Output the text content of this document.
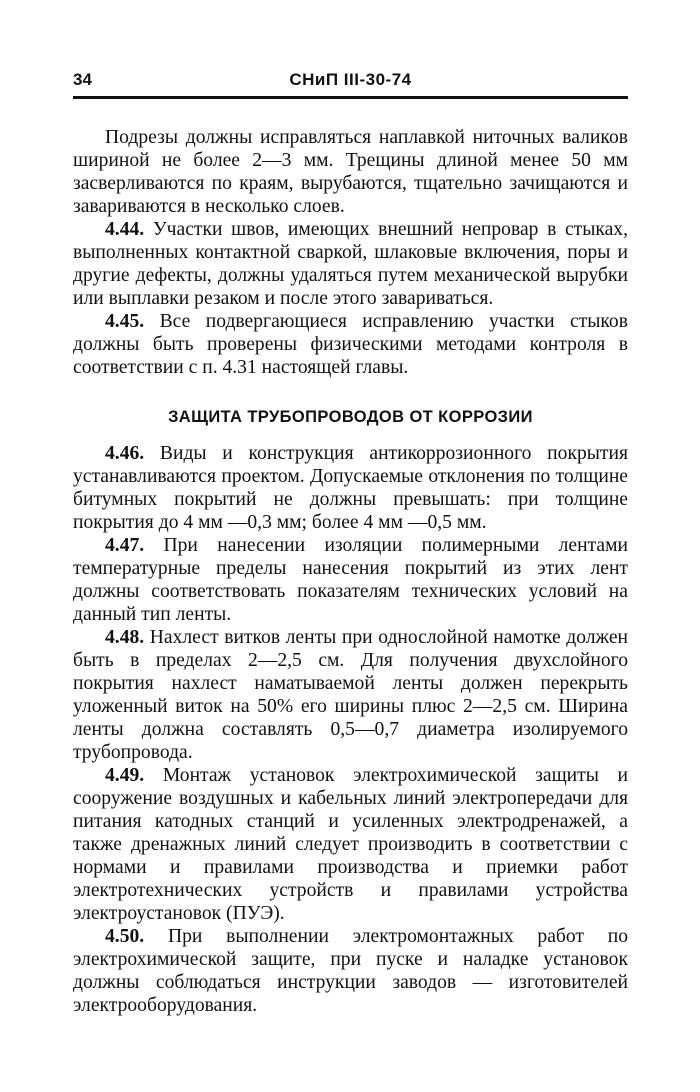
34	СНиП III-30-74

Подрезы должны исправляться наплавкой ниточных валиков шириной не более 2—3 мм. Трещины длиной менее 50 мм засверливаются по краям, вырубаются, тщательно зачищаются и завариваются в несколько слоев.

4.44. Участки швов, имеющих внешний непровар в стыках, выполненных контактной сваркой, шлаковые включения, поры и другие дефекты, должны удаляться путем механической вырубки или выплавки резаком и после этого завариваться.

4.45. Все подвергающиеся исправлению участки стыков должны быть проверены физическими методами контроля в соответствии с п. 4.31 настоящей главы.

ЗАЩИТА ТРУБОПРОВОДОВ ОТ КОРРОЗИИ

4.46. Виды и конструкция антикоррозионного покрытия устанавливаются проектом. Допускаемые отклонения по толщине битумных покрытий не должны превышать: при толщине покрытия до 4 мм —0,3 мм; более 4 мм —0,5 мм.

4.47. При нанесении изоляции полимерными лентами температурные пределы нанесения покрытий из этих лент должны соответствовать показателям технических условий на данный тип ленты.

4.48. Нахлест витков ленты при однослойной намотке должен быть в пределах 2—2,5 см. Для получения двухслойного покрытия нахлест наматываемой ленты должен перекрыть уложенный виток на 50% его ширины плюс 2—2,5 см. Ширина ленты должна составлять 0,5—0,7 диаметра изолируемого трубопровода.

4.49. Монтаж установок электрохимической защиты и сооружение воздушных и кабельных линий электропередачи для питания катодных станций и усиленных электродренажей, а также дренажных линий следует производить в соответствии с нормами и правилами производства и приемки работ электротехнических устройств и правилами устройства электроустановок (ПУЭ).

4.50. При выполнении электромонтажных работ по электрохимической защите, при пуске и наладке установок должны соблюдаться инструкции заводов — изготовителей электрооборудования.
